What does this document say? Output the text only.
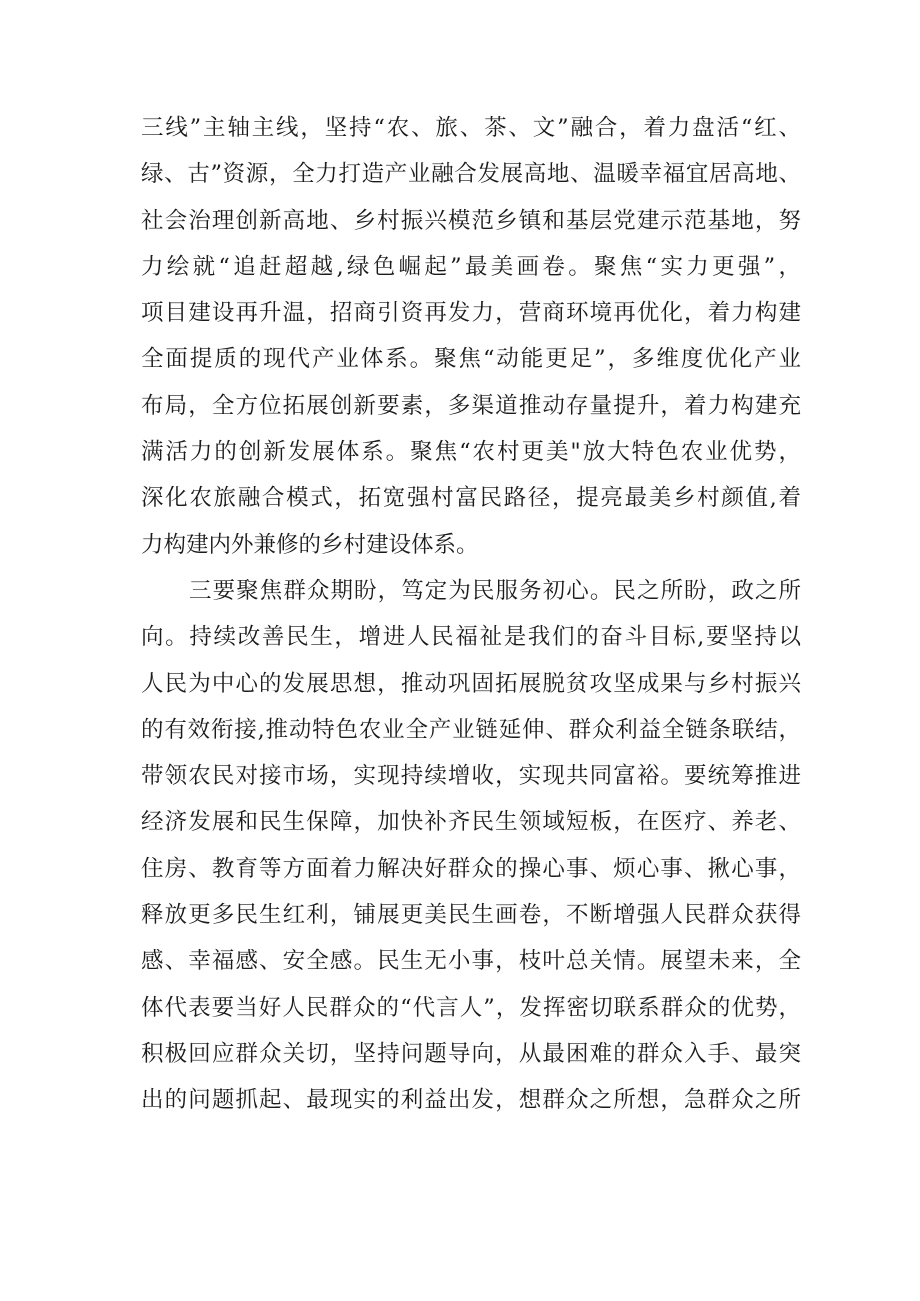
三线”主轴主线，坚持“农、旅、茶、文”融合，着力盘活“红、
绿、古”资源，全力打造产业融合发展高地、温暖幸福宜居高地、
社会治理创新高地、乡村振兴模范乡镇和基层党建示范基地，努
力绘就“追赶超越,绿色崛起”最美画卷。聚焦“实力更强”，
项目建设再升温，招商引资再发力，营商环境再优化，着力构建
全面提质的现代产业体系。聚焦“动能更足”，多维度优化产业
布局，全方位拓展创新要素，多渠道推动存量提升，着力构建充
满活力的创新发展体系。聚焦“农村更美"放大特色农业优势，
深化农旅融合模式，拓宽强村富民路径，提亮最美乡村颜值,着
力构建内外兼修的乡村建设体系。
三要聚焦群众期盼，笃定为民服务初心。民之所盼，政之所
向。持续改善民生，增进人民福祉是我们的奋斗目标,要坚持以
人民为中心的发展思想，推动巩固拓展脱贫攻坚成果与乡村振兴
的有效衔接,推动特色农业全产业链延伸、群众利益全链条联结，
带领农民对接市场，实现持续增收，实现共同富裕。要统筹推进
经济发展和民生保障，加快补齐民生领域短板，在医疗、养老、
住房、教育等方面着力解决好群众的操心事、烦心事、揪心事，
释放更多民生红利，铺展更美民生画卷，不断增强人民群众获得
感、幸福感、安全感。民生无小事，枝叶总关情。展望未来，全
体代表要当好人民群众的“代言人”，发挥密切联系群众的优势，
积极回应群众关切，坚持问题导向，从最困难的群众入手、最突
出的问题抓起、最现实的利益出发，想群众之所想，急群众之所
